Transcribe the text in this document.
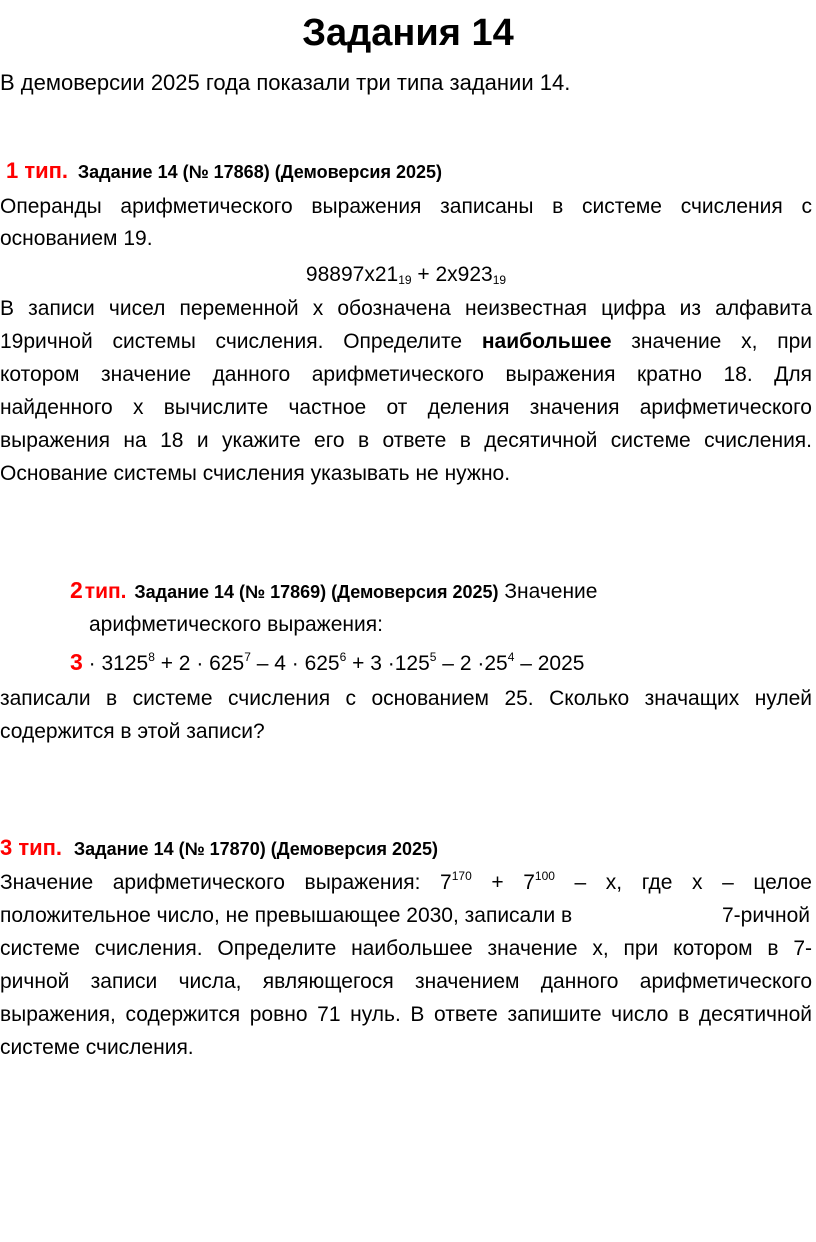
Задания 14
В демоверсии 2025 года показали три типа задании 14.
1 тип. Задание 14 (№ 17868) (Демоверсия 2025)
Операнды арифметического выражения записаны в системе счисления с
основанием 19.
$98897x21_{19} + 2x923_{19}$
В записи чисел переменной x обозначена неизвестная цифра из алфавита
19ричной системы счисления. Определите наибольшее значение x, при
котором значение данного арифметического выражения кратно 18. Для
найденного x вычислите частное от деления значения арифметического
выражения на 18 и укажите его в ответе в десятичной системе счисления.
Основание системы счисления указывать не нужно.
2тип. Задание 14 (№ 17869) (Демоверсия 2025) Значение
арифметического выражения:
$3 \cdot 3125^8 + 2 \cdot 625^7 - 4 \cdot 625^6 + 3 \cdot 125^5 - 2 \cdot 25^4 - 2025$
записали в системе счисления с основанием 25. Сколько значащих нулей
содержится в этой записи?
3 тип. Задание 14 (№ 17870) (Демоверсия 2025)
Значение арифметического выражения: $7^{170} + 7^{100} - x$, где x – целое
положительное число, не превышающее 2030, записали в	7-ричной
системе счисления. Определите наибольшее значение x, при котором в 7-
ричной записи числа, являющегося значением данного арифметического
выражения, содержится ровно 71 нуль. В ответе запишите число в десятичной
системе счисления.
